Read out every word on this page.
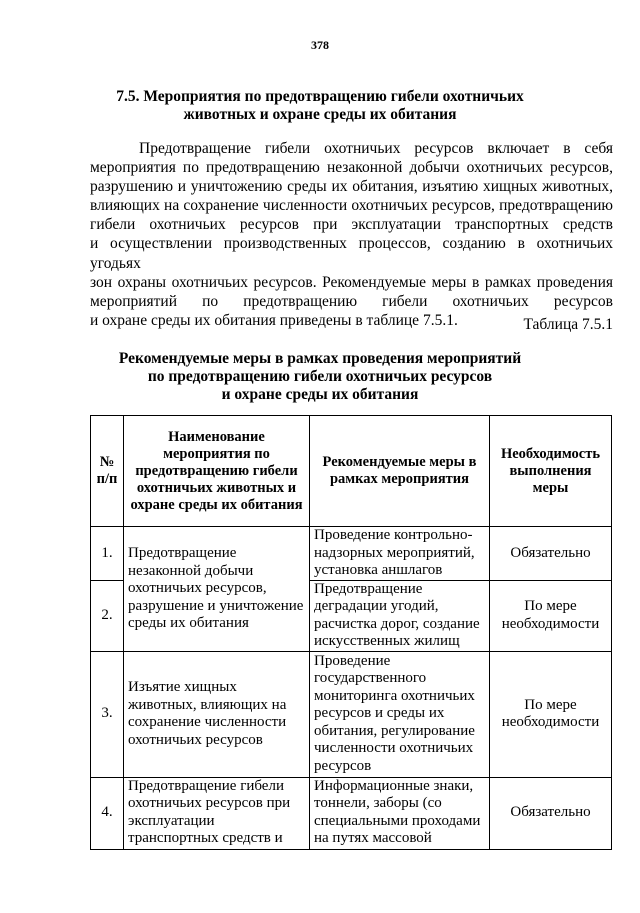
378
7.5. Мероприятия по предотвращению гибели охотничьих
животных и охране среды их обитания

Предотвращение гибели охотничьих ресурсов включает в себя
мероприятия по предотвращению незаконной добычи охотничьих ресурсов,
разрушению и уничтожению среды их обитания, изъятию хищных животных,
влияющих на сохранение численности охотничьих ресурсов, предотвращению
гибели охотничьих ресурсов при эксплуатации транспортных средств
и осуществлении производственных процессов, созданию в охотничьих угодьях
зон охраны охотничьих ресурсов. Рекомендуемые меры в рамках проведения
мероприятий по предотвращению гибели охотничьих ресурсов
и охране среды их обитания приведены в таблице 7.5.1.	Таблица 7.5.1
Рекомендуемые меры в рамках проведения мероприятий
по предотвращению гибели охотничьих ресурсов
и охране среды их обитания
№ п/п	Наименование мероприятия по предотвращению гибели охотничьих животных и охране среды их обитания	Рекомендуемые меры в рамках мероприятия	Необходимость выполнения меры
1.	Предотвращение незаконной добычи охотничьих ресурсов, разрушение и уничтожение среды их обитания	Проведение контрольно-надзорных мероприятий, установка аншлагов	Обязательно
2.		Предотвращение деградации угодий, расчистка дорог, создание искусственных жилищ	По мере необходимости
3.	Изъятие хищных животных, влияющих на сохранение численности охотничьих ресурсов	Проведение государственного мониторинга охотничьих ресурсов и среды их обитания, регулирование численности охотничьих ресурсов	По мере необходимости
4.	Предотвращение гибели охотничьих ресурсов при эксплуатации транспортных средств и	Информационные знаки, тоннели, заборы (со специальными проходами на путях массовой	Обязательно
